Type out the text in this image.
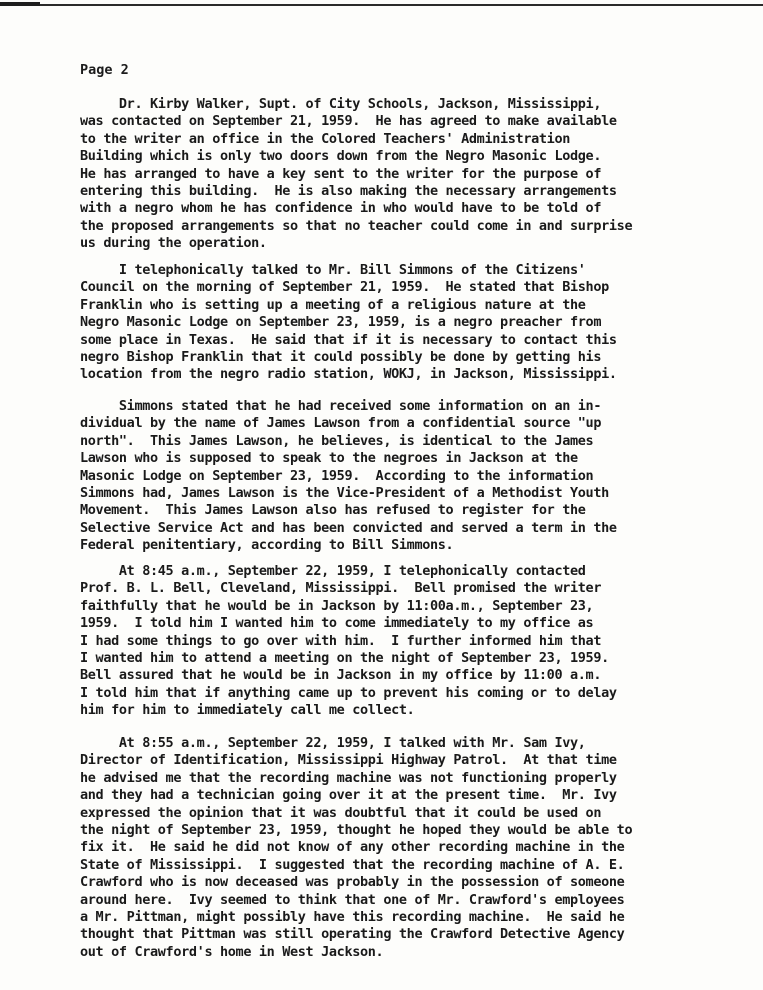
Page 2

Dr. Kirby Walker, Supt. of City Schools, Jackson, Mississippi,
was contacted on September 21, 1959.  He has agreed to make available
to the writer an office in the Colored Teachers' Administration
Building which is only two doors down from the Negro Masonic Lodge.
He has arranged to have a key sent to the writer for the purpose of
entering this building.  He is also making the necessary arrangements
with a negro whom he has confidence in who would have to be told of
the proposed arrangements so that no teacher could come in and surprise
us during the operation.
I telephonically talked to Mr. Bill Simmons of the Citizens'
Council on the morning of September 21, 1959.  He stated that Bishop
Franklin who is setting up a meeting of a religious nature at the
Negro Masonic Lodge on September 23, 1959, is a negro preacher from
some place in Texas.  He said that if it is necessary to contact this
negro Bishop Franklin that it could possibly be done by getting his
location from the negro radio station, WOKJ, in Jackson, Mississippi.
Simmons stated that he had received some information on an in-
dividual by the name of James Lawson from a confidential source "up
north".  This James Lawson, he believes, is identical to the James
Lawson who is supposed to speak to the negroes in Jackson at the
Masonic Lodge on September 23, 1959.  According to the information
Simmons had, James Lawson is the Vice-President of a Methodist Youth
Movement.  This James Lawson also has refused to register for the
Selective Service Act and has been convicted and served a term in the
Federal penitentiary, according to Bill Simmons.
At 8:45 a.m., September 22, 1959, I telephonically contacted
Prof. B. L. Bell, Cleveland, Mississippi.  Bell promised the writer
faithfully that he would be in Jackson by 11:00a.m., September 23,
1959.  I told him I wanted him to come immediately to my office as
I had some things to go over with him.  I further informed him that
I wanted him to attend a meeting on the night of September 23, 1959.
Bell assured that he would be in Jackson in my office by 11:00 a.m.
I told him that if anything came up to prevent his coming or to delay
him for him to immediately call me collect.
At 8:55 a.m., September 22, 1959, I talked with Mr. Sam Ivy,
Director of Identification, Mississippi Highway Patrol.  At that time
he advised me that the recording machine was not functioning properly
and they had a technician going over it at the present time.  Mr. Ivy
expressed the opinion that it was doubtful that it could be used on
the night of September 23, 1959, thought he hoped they would be able to
fix it.  He said he did not know of any other recording machine in the
State of Mississippi.  I suggested that the recording machine of A. E.
Crawford who is now deceased was probably in the possession of someone
around here.  Ivy seemed to think that one of Mr. Crawford's employees
a Mr. Pittman, might possibly have this recording machine.  He said he
thought that Pittman was still operating the Crawford Detective Agency
out of Crawford's home in West Jackson.
